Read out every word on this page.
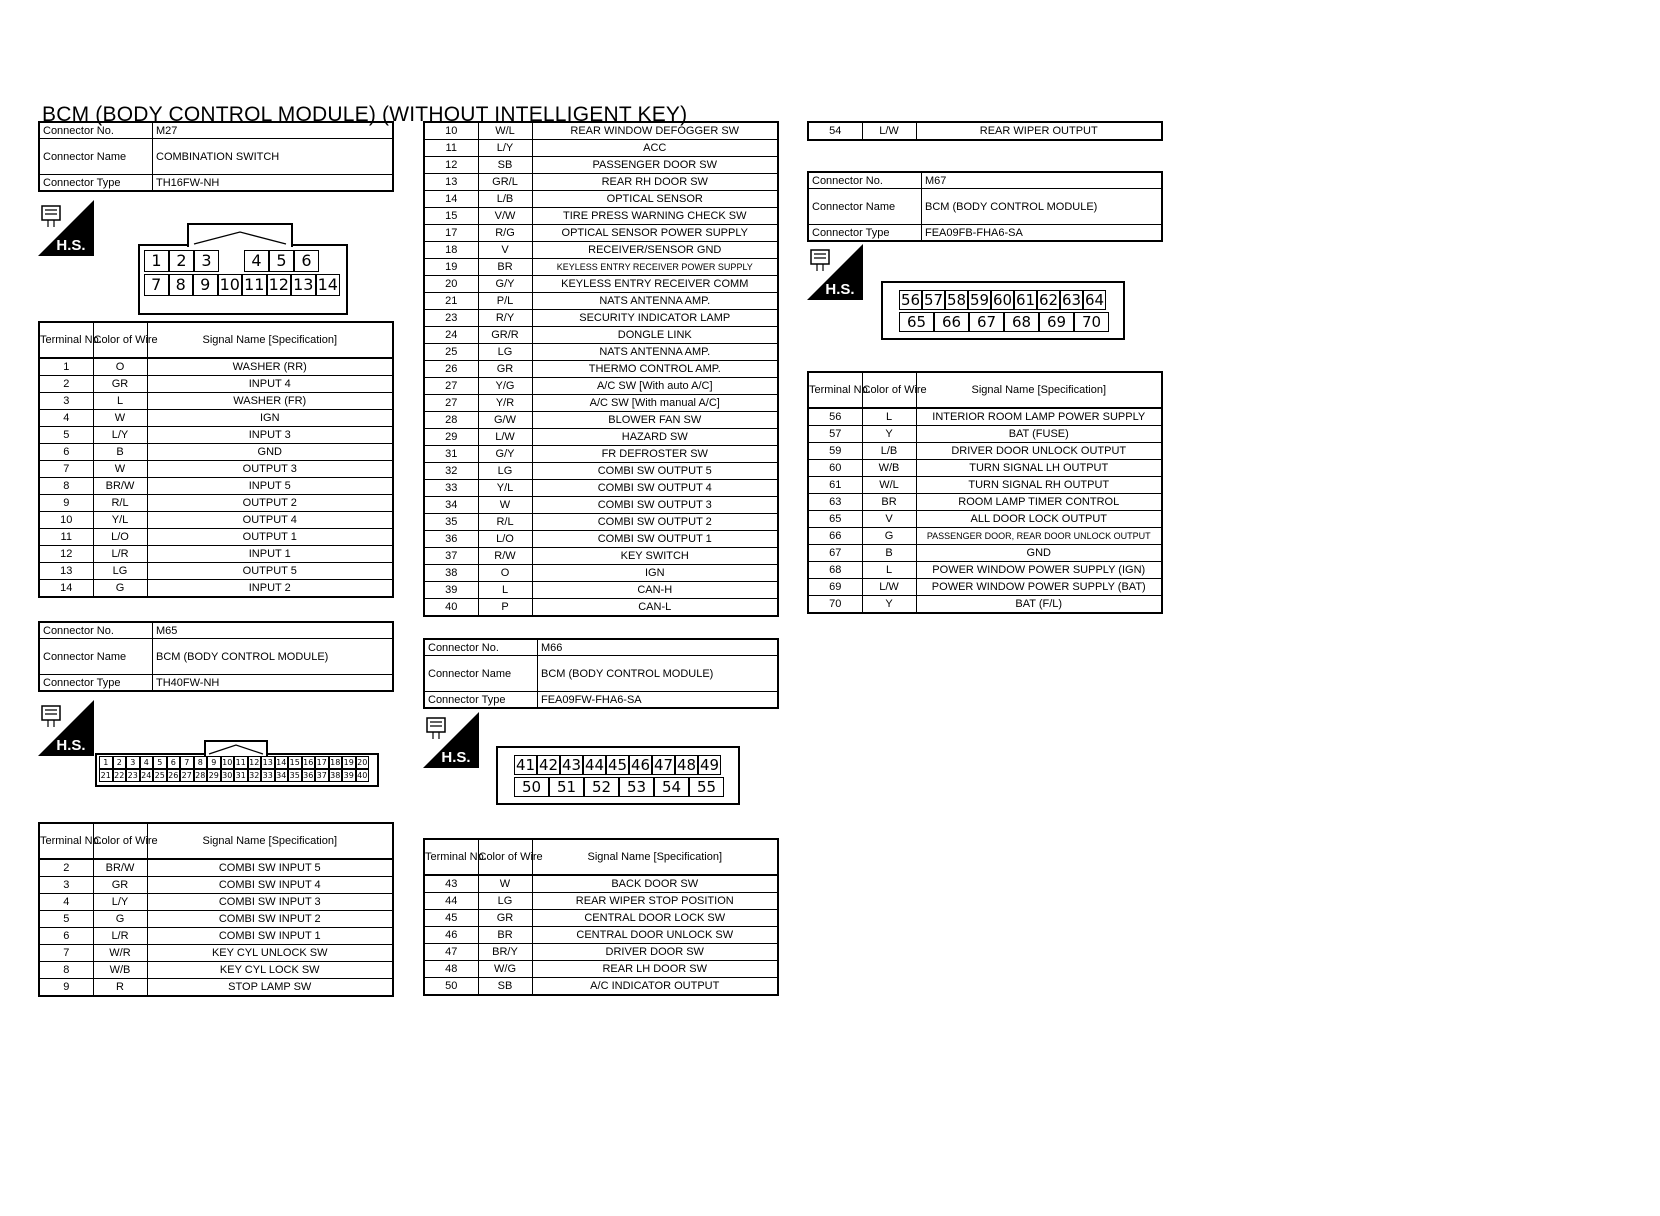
BCM (BODY CONTROL MODULE) (WITHOUT INTELLIGENT KEY)
Connector No.	M27
Connector Name	COMBINATION SWITCH
Connector Type	TH16FW-NH
H.S.
1 2 3	4 5 6
7 8 9 10 11 12 13 14
Terminal No.	Color of Wire	Signal Name [Specification]
1	O	WASHER (RR)
2	GR	INPUT 4
3	L	WASHER (FR)
4	W	IGN
5	L/Y	INPUT 3
6	B	GND
7	W	OUTPUT 3
8	BR/W	INPUT 5
9	R/L	OUTPUT 2
10	Y/L	OUTPUT 4
11	L/O	OUTPUT 1
12	L/R	INPUT 1
13	LG	OUTPUT 5
14	G	INPUT 2
10	W/L	REAR WINDOW DEFOGGER SW
11	L/Y	ACC
12	SB	PASSENGER DOOR SW
13	GR/L	REAR RH DOOR SW
14	L/B	OPTICAL SENSOR
15	V/W	TIRE PRESS WARNING CHECK SW
17	R/G	OPTICAL SENSOR POWER SUPPLY
18	V	RECEIVER/SENSOR GND
19	BR	KEYLESS ENTRY RECEIVER POWER SUPPLY
20	G/Y	KEYLESS ENTRY RECEIVER COMM
21	P/L	NATS ANTENNA AMP.
23	R/Y	SECURITY INDICATOR LAMP
24	GR/R	DONGLE LINK
25	LG	NATS ANTENNA AMP.
26	GR	THERMO CONTROL AMP.
27	Y/G	A/C SW [With auto A/C]
27	Y/R	A/C SW [With manual A/C]
28	G/W	BLOWER FAN SW
29	L/W	HAZARD SW
31	G/Y	FR DEFROSTER SW
32	LG	COMBI SW OUTPUT 5
33	Y/L	COMBI SW OUTPUT 4
34	W	COMBI SW OUTPUT 3
35	R/L	COMBI SW OUTPUT 2
36	L/O	COMBI SW OUTPUT 1
37	R/W	KEY SWITCH
38	O	IGN
39	L	CAN-H
40	P	CAN-L
Connector No.	M65
Connector Name	BCM (BODY CONTROL MODULE)
Connector Type	TH40FW-NH
H.S.
1	2	3	4	5	6	7	8	9 10 11 12 13 14 15 16 17 18 19 20
21 22 23 24 25 26 27 28 29 30 31 32 33 34 35 36 37 38 39 40
Terminal No.	Color of Wire	Signal Name [Specification]
2	BR/W	COMBI SW INPUT 5
3	GR	COMBI SW INPUT 4
4	L/Y	COMBI SW INPUT 3
5	G	COMBI SW INPUT 2
6	L/R	COMBI SW INPUT 1
7	W/R	KEY CYL UNLOCK SW
8	W/B	KEY CYL LOCK SW
9	R	STOP LAMP SW
Connector No.	M66
Connector Name	BCM (BODY CONTROL MODULE)
Connector Type	FEA09FW-FHA6-SA
H.S.	41 42 43 44 45 46 47 48 49
50	51	52	53	54	55
Terminal No.	Color of Wire	Signal Name [Specification]
43	W	BACK DOOR SW
44	LG	REAR WIPER STOP POSITION
45	GR	CENTRAL DOOR LOCK SW
46	BR	CENTRAL DOOR UNLOCK SW
47	BR/Y	DRIVER DOOR SW
48	W/G	REAR LH DOOR SW
50	SB	A/C INDICATOR OUTPUT
54	L/W	REAR WIPER OUTPUT
Connector No.	M67
Connector Name	BCM (BODY CONTROL MODULE)
Connector Type	FEA09FB-FHA6-SA
H.S.
56 57 58 59 60 61 62 63 64
65	66	67	68	69	70
Terminal No.	Color of Wire	Signal Name [Specification]
56	L	INTERIOR ROOM LAMP POWER SUPPLY
57	Y	BAT (FUSE)
59	L/B	DRIVER DOOR UNLOCK OUTPUT
60	W/B	TURN SIGNAL LH OUTPUT
61	W/L	TURN SIGNAL RH OUTPUT
63	BR	ROOM LAMP TIMER CONTROL
65	V	ALL DOOR LOCK OUTPUT
66	G	PASSENGER DOOR, REAR DOOR UNLOCK OUTPUT
67	B	GND
68	L	POWER WINDOW POWER SUPPLY (IGN)
69	L/W	POWER WINDOW POWER SUPPLY (BAT)
70	Y	BAT (F/L)
